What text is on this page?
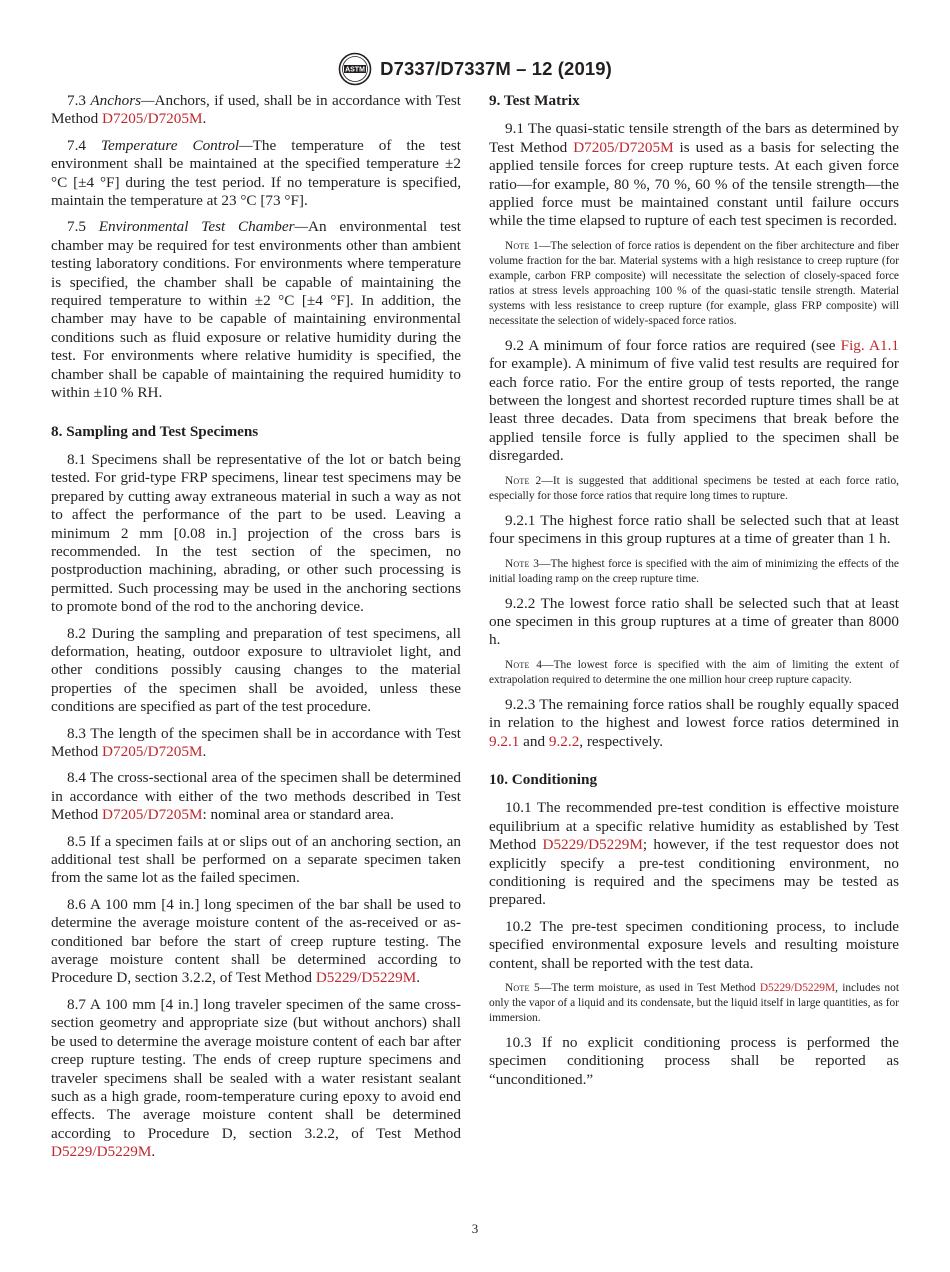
ASTM D7337/D7337M – 12 (2019)

7.3 Anchors—Anchors, if used, shall be in accordance with Test Method D7205/D7205M.

7.4 Temperature Control—The temperature of the test environment shall be maintained at the specified temperature ±2 °C [±4 °F] during the test period. If no temperature is specified, maintain the temperature at 23 °C [73 °F].

7.5 Environmental Test Chamber—An environmental test chamber may be required for test environments other than ambient testing laboratory conditions. For environments where temperature is specified, the chamber shall be capable of maintaining the required temperature to within ±2 °C [±4 °F]. In addition, the chamber may have to be capable of maintaining environmental conditions such as fluid exposure or relative humidity during the test. For environments where relative humidity is specified, the chamber shall be capable of maintaining the required humidity to within ±10 % RH.

8. Sampling and Test Specimens

8.1 Specimens shall be representative of the lot or batch being tested. For grid-type FRP specimens, linear test specimens may be prepared by cutting away extraneous material in such a way as not to affect the performance of the part to be used. Leaving a minimum 2 mm [0.08 in.] projection of the cross bars is recommended. In the test section of the specimen, no postproduction machining, abrading, or other such processing is permitted. Such processing may be used in the anchoring sections to promote bond of the rod to the anchoring device.

8.2 During the sampling and preparation of test specimens, all deformation, heating, outdoor exposure to ultraviolet light, and other conditions possibly causing changes to the material properties of the specimen shall be avoided, unless these conditions are specified as part of the test procedure.

8.3 The length of the specimen shall be in accordance with Test Method D7205/D7205M.

8.4 The cross-sectional area of the specimen shall be determined in accordance with either of the two methods described in Test Method D7205/D7205M: nominal area or standard area.

8.5 If a specimen fails at or slips out of an anchoring section, an additional test shall be performed on a separate specimen taken from the same lot as the failed specimen.

8.6 A 100 mm [4 in.] long specimen of the bar shall be used to determine the average moisture content of the as-received or as-conditioned bar before the start of creep rupture testing. The average moisture content shall be determined according to Procedure D, section 3.2.2, of Test Method D5229/D5229M.

8.7 A 100 mm [4 in.] long traveler specimen of the same cross-section geometry and appropriate size (but without anchors) shall be used to determine the average moisture content of each bar after creep rupture testing. The ends of creep rupture specimens and traveler specimens shall be sealed with a water resistant sealant such as a high grade, room-temperature curing epoxy to avoid end effects. The average moisture content shall be determined according to Procedure D, section 3.2.2, of Test Method D5229/D5229M.

9. Test Matrix

9.1 The quasi-static tensile strength of the bars as determined by Test Method D7205/D7205M is used as a basis for selecting the applied tensile forces for creep rupture tests. At each given force ratio—for example, 80 %, 70 %, 60 % of the tensile strength—the applied force must be maintained constant until failure occurs while the time elapsed to rupture of each test specimen is recorded.

Note 1—The selection of force ratios is dependent on the fiber architecture and fiber volume fraction for the bar. Material systems with a high resistance to creep rupture (for example, carbon FRP composite) will necessitate the selection of closely-spaced force ratios at stress levels approaching 100 % of the quasi-static tensile strength. Material systems with less resistance to creep rupture (for example, glass FRP composite) will necessitate the selection of widely-spaced force ratios.

9.2 A minimum of four force ratios are required (see Fig. A1.1 for example). A minimum of five valid test results are required for each force ratio. For the entire group of tests reported, the range between the longest and shortest recorded rupture times shall be at least three decades. Data from specimens that break before the applied tensile force is fully applied to the specimen shall be disregarded.

Note 2—It is suggested that additional specimens be tested at each force ratio, especially for those force ratios that require long times to rupture.

9.2.1 The highest force ratio shall be selected such that at least four specimens in this group ruptures at a time of greater than 1 h.

Note 3—The highest force is specified with the aim of minimizing the effects of the initial loading ramp on the creep rupture time.

9.2.2 The lowest force ratio shall be selected such that at least one specimen in this group ruptures at a time of greater than 8000 h.

Note 4—The lowest force is specified with the aim of limiting the extent of extrapolation required to determine the one million hour creep rupture capacity.

9.2.3 The remaining force ratios shall be roughly equally spaced in relation to the highest and lowest force ratios determined in 9.2.1 and 9.2.2, respectively.

10. Conditioning

10.1 The recommended pre-test condition is effective moisture equilibrium at a specific relative humidity as established by Test Method D5229/D5229M; however, if the test requestor does not explicitly specify a pre-test conditioning environment, no conditioning is required and the specimens may be tested as prepared.

10.2 The pre-test specimen conditioning process, to include specified environmental exposure levels and resulting moisture content, shall be reported with the test data.

Note 5—The term moisture, as used in Test Method D5229/D5229M, includes not only the vapor of a liquid and its condensate, but the liquid itself in large quantities, as for immersion.

10.3 If no explicit conditioning process is performed the specimen conditioning process shall be reported as “unconditioned.”

3
